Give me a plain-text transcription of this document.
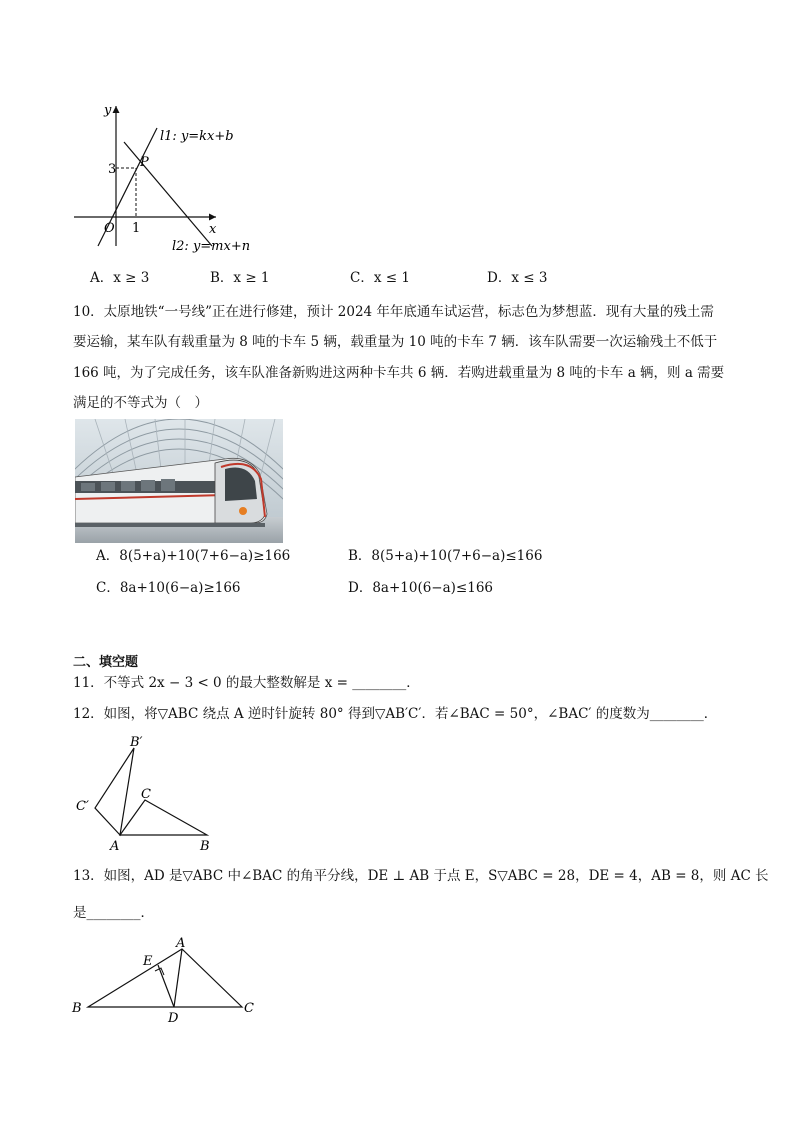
y
x
O 1
3 P
l1: y=kx+b
l2: y=mx+n
A．x ≥ 3	B．x ≥ 1	C．x ≤ 1	D．x ≤ 3
10．太原地铁“一号线”正在进行修建，预计 2024 年年底通车试运营，标志色为梦想蓝．现有大量的残土需
要运输，某车队有载重量为 8 吨的卡车 5 辆，载重量为 10 吨的卡车 7 辆．该车队需要一次运输残土不低于
166 吨，为了完成任务，该车队准备新购进这两种卡车共 6 辆．若购进载重量为 8 吨的卡车 a 辆，则 a 需要
满足的不等式为（　）
A．8(5+a)+10(7+6−a)≥166	B．8(5+a)+10(7+6−a)≤166
C．8a+10(6−a)≥166	D．8a+10(6−a)≤166
二、填空题
11．不等式 2x − 3 < 0 的最大整数解是 x = ________．
12．如图，将▽ABC 绕点 A 逆时针旋转 80° 得到▽AB′C′．若∠BAC = 50°，∠BAC′ 的度数为________．
B′
C′
C
A	B
13．如图，AD 是▽ABC 中∠BAC 的角平分线，DE ⊥ AB 于点 E，S▽ABC = 28，DE = 4，AB = 8，则 AC 长
是________．
A
E
B
D
C
